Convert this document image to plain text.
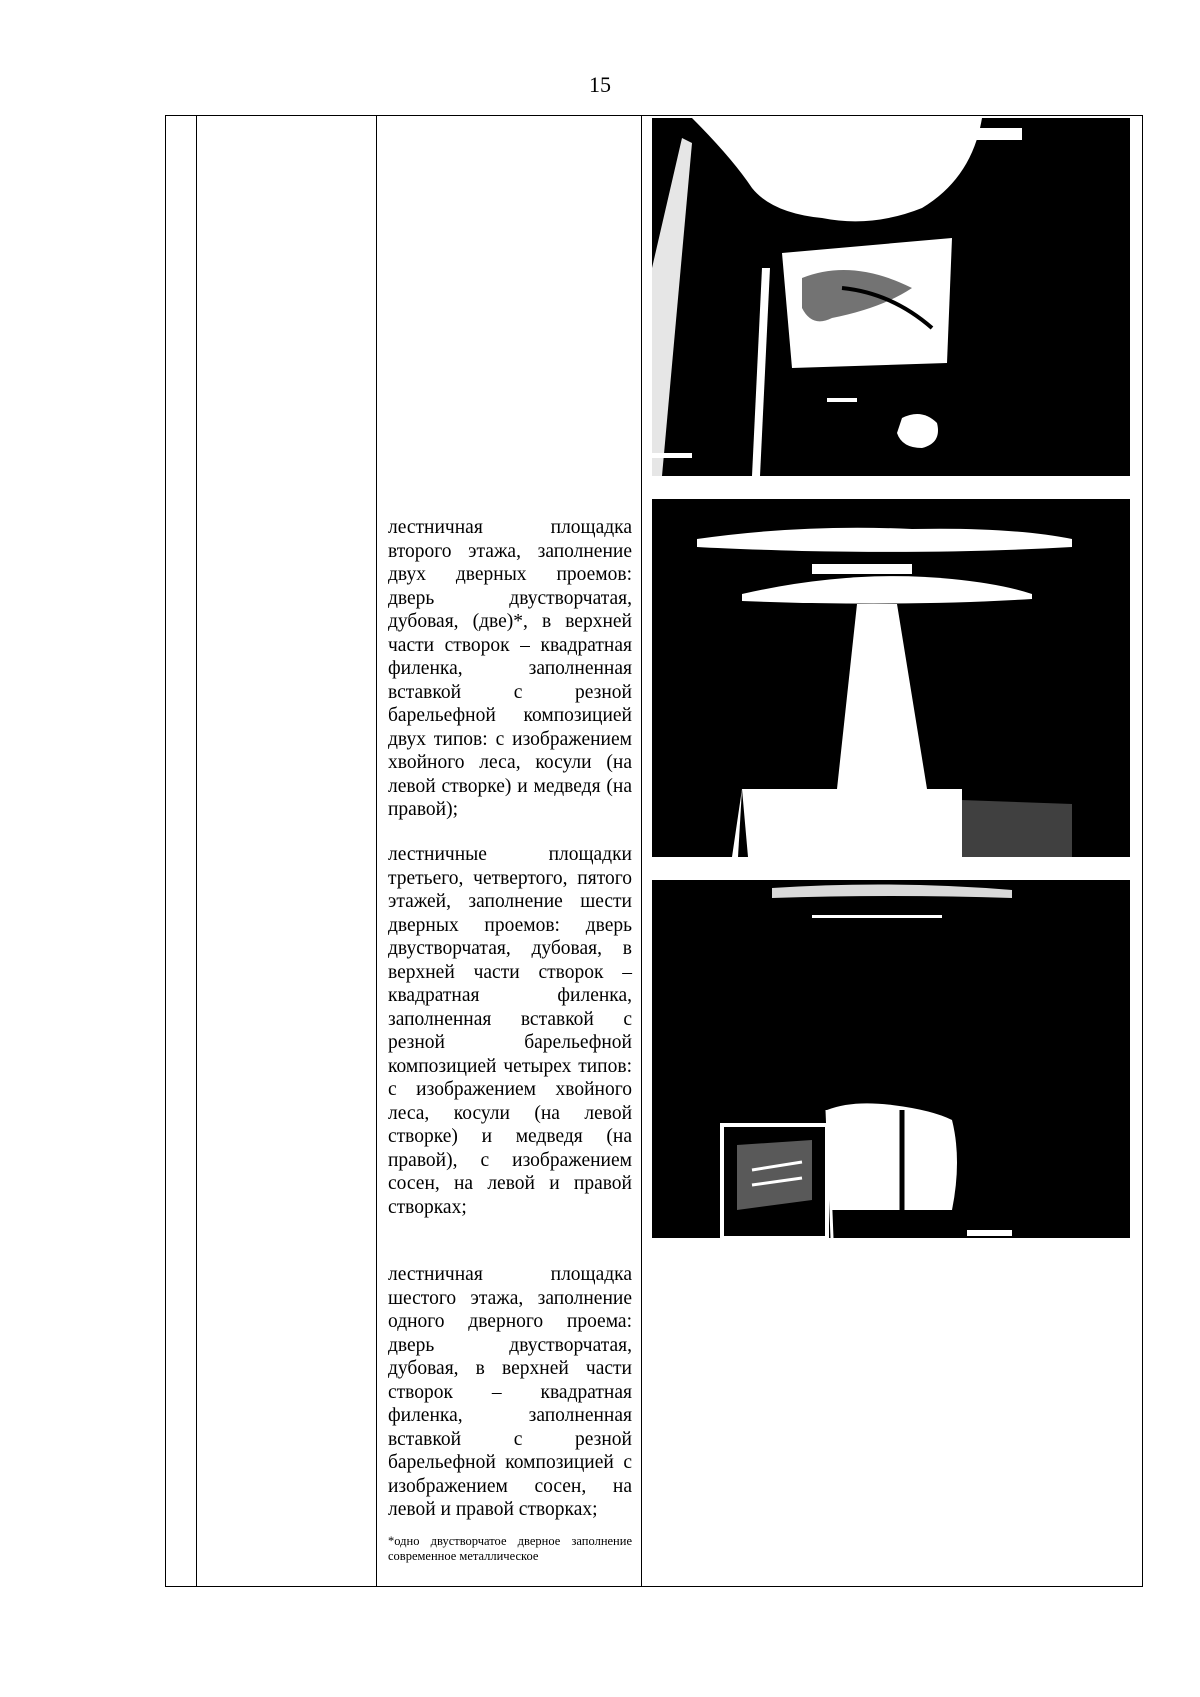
15

лестничная площадка второго этажа, заполнение двух дверных проемов: дверь двустворчатая, дубовая, (две)*, в верхней части створок – квадратная филенка, заполненная вставкой с резной барельефной композицией двух типов: с изображением хвойного леса, косули (на левой створке) и медведя (на правой);

лестничные площадки третьего, четвертого, пятого этажей, заполнение шести дверных проемов: дверь двустворчатая, дубовая, в верхней части створок – квадратная филенка, заполненная вставкой с резной барельефной композицией четырех типов: с изображением хвойного леса, косули (на левой створке) и медведя (на правой), с изображением сосен, на левой и правой створках;

лестничная площадка шестого этажа, заполнение одного дверного проема: дверь двустворчатая, дубовая, в верхней части створок – квадратная филенка, заполненная вставкой с резной барельефной композицией с изображением сосен, на левой и правой створках;

*одно двустворчатое дверное заполнение современное металлическое
